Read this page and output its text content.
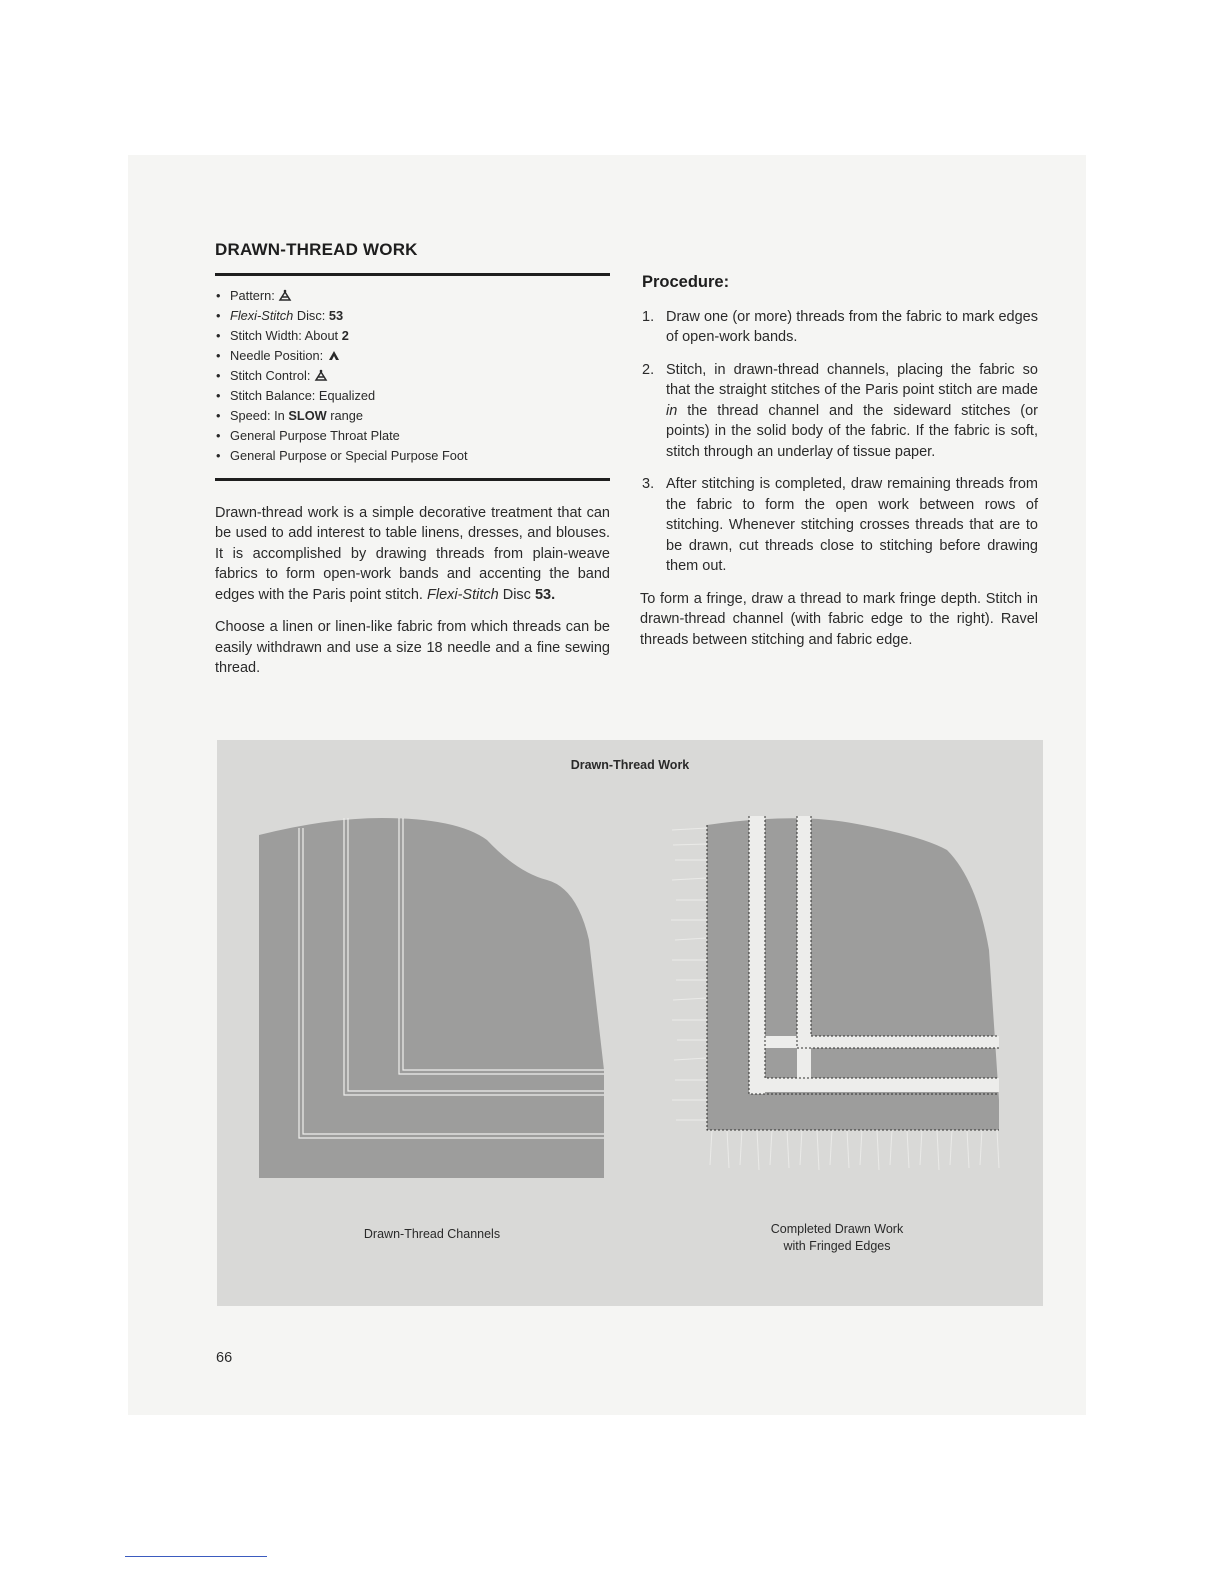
DRAWN-THREAD WORK
• Pattern:
• Flexi-Stitch Disc: 53
• Stitch Width: About 2
• Needle Position:
• Stitch Control:
• Stitch Balance: Equalized
• Speed: In SLOW range
• General Purpose Throat Plate
• General Purpose or Special Purpose Foot

Drawn-thread work is a simple decorative treatment that can be used to add interest to table linens, dresses, and blouses. It is accomplished by drawing threads from plain-weave fabrics to form open-work bands and accenting the band edges with the Paris point stitch. Flexi-Stitch Disc 53.

Choose a linen or linen-like fabric from which threads can be easily withdrawn and use a size 18 needle and a fine sewing thread.

Procedure:
1. Draw one (or more) threads from the fabric to mark edges of open-work bands.
2. Stitch, in drawn-thread channels, placing the fabric so that the straight stitches of the Paris point stitch are made in the thread channel and the sideward stitches (or points) in the solid body of the fabric. If the fabric is soft, stitch through an underlay of tissue paper.
3. After stitching is completed, draw remaining threads from the fabric to form the open work between rows of stitching. Whenever stitching crosses threads that are to be drawn, cut threads close to stitching before drawing them out.

To form a fringe, draw a thread to mark fringe depth. Stitch in drawn-thread channel (with fabric edge to the right). Ravel threads between stitching and fabric edge.

Drawn-Thread Work
Drawn-Thread Channels	Completed Drawn Work
with Fringed Edges
66
